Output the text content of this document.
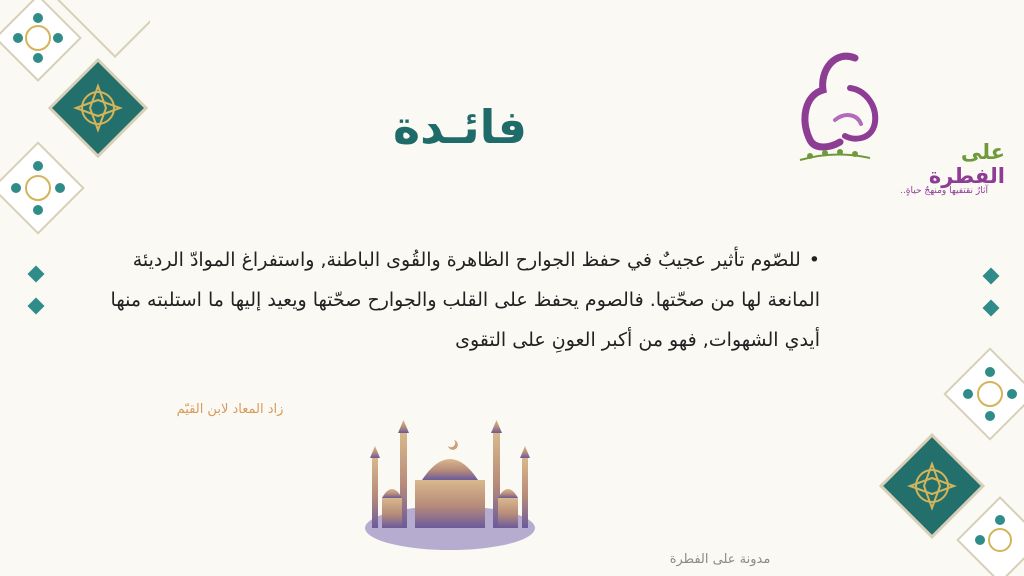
على الفطرة
آثارٌ نقتفيها ومنهجٌ حياةٍ..
فائـدة
•للصّوم تأثير عجيبٌ في حفظ الجوارح الظاهرة والقُوى الباطنة, واستفراغ الموادّ الرديئة المانعة لها من صحّتها. فالصوم يحفظ على القلب والجوارح صحّتها ويعيد إليها ما استلبته منها أيدي الشهوات, فهو من أكبر العونِ على التقوى
زاد المعاد لابن القيّم
مدونة على الفطرة
